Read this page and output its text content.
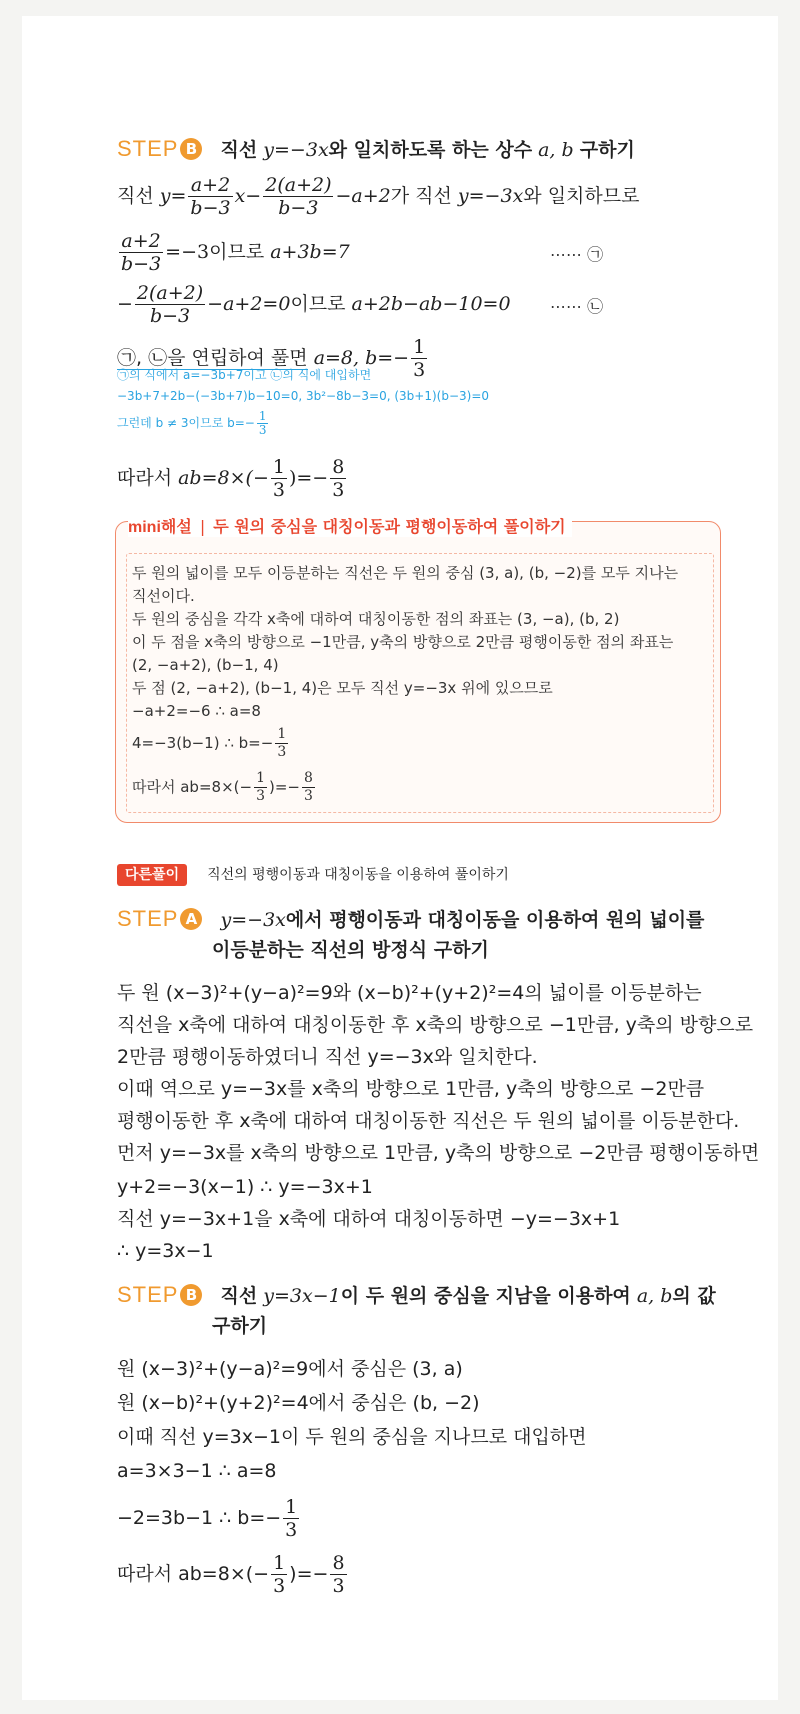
STEP B 직선 y=−3x와 일치하도록 하는 상수 a, b 구하기
직선 $y= \frac{a+2}{b-3} x- \frac{2(a+2)}{b-3} -a+2$가 직선 y=−3x와 일치하므로
$\frac{a+2}{b-3} =-3$이므로 a+3b=7	⋯⋯ ㉠
− $\frac{2(a+2)}{b-3} -a+2=0$이므로 a+2b−ab−10=0 ⋯⋯ ㉡
㉠, ㉡을 연립하여 풀면 a=8, $b=- \frac{1}{3}$
㉠의 식에서 a=−3b+7이고 ㉡의 식에 대입하면
−3b+7+2b−(−3b+7)b−10=0, 3b²−8b−3=0, (3b+1)(b−3)=0
그런데 b ≠ 3이므로 $b=- \frac{1}{3}$
따라서 $ab=8\times(- \frac{1}{3}$ )=− $\frac{8}{3}$
mini해설 | 두 원의 중심을 대칭이동과 평행이동하여 풀이하기
두 원의 넓이를 모두 이등분하는 직선은 두 원의 중심 (3, a), (b, −2)를 모두 지나는
직선이다.
두 원의 중심을 각각 x축에 대하여 대칭이동한 점의 좌표는 (3, −a), (b, 2)
이 두 점을 x축의 방향으로 −1만큼, y축의 방향으로 2만큼 평행이동한 점의 좌표는
(2, −a+2), (b−1, 4)
두 점 (2, −a+2), (b−1, 4)은 모두 직선 y=−3x 위에 있으므로
−a+2=−6 ∴ a=8
4=−3(b−1) ∴ $b=- \frac{1}{3}$
따라서 $ab=8\times(- \frac{1}{3}$ )=− $\frac{8}{3}$
다른풀이 직선의 평행이동과 대칭이동을 이용하여 풀이하기
STEP A y=−3x에서 평행이동과 대칭이동을 이용하여 원의 넓이를
이등분하는 직선의 방정식 구하기
두 원 (x−3)²+(y−a)²=9와 (x−b)²+(y+2)²=4의 넓이를 이등분하는
직선을 x축에 대하여 대칭이동한 후 x축의 방향으로 −1만큼, y축의 방향으로
2만큼 평행이동하였더니 직선 y=−3x와 일치한다.
이때 역으로 y=−3x를 x축의 방향으로 1만큼, y축의 방향으로 −2만큼
평행이동한 후 x축에 대하여 대칭이동한 직선은 두 원의 넓이를 이등분한다.
먼저 y=−3x를 x축의 방향으로 1만큼, y축의 방향으로 −2만큼 평행이동하면
y+2=−3(x−1) ∴ y=−3x+1
직선 y=−3x+1을 x축에 대하여 대칭이동하면 −y=−3x+1
∴ y=3x−1
STEP B 직선 y=3x−1이 두 원의 중심을 지남을 이용하여 a, b의 값
구하기
원 (x−3)²+(y−a)²=9에서 중심은 (3, a)
원 (x−b)²+(y+2)²=4에서 중심은 (b, −2)
이때 직선 y=3x−1이 두 원의 중심을 지나므로 대입하면
a=3×3−1 ∴ a=8
−2=3b−1 ∴ $b=- \frac{1}{3}$
따라서 $ab=8\times(- \frac{1}{3}$ )=− $\frac{8}{3}$
